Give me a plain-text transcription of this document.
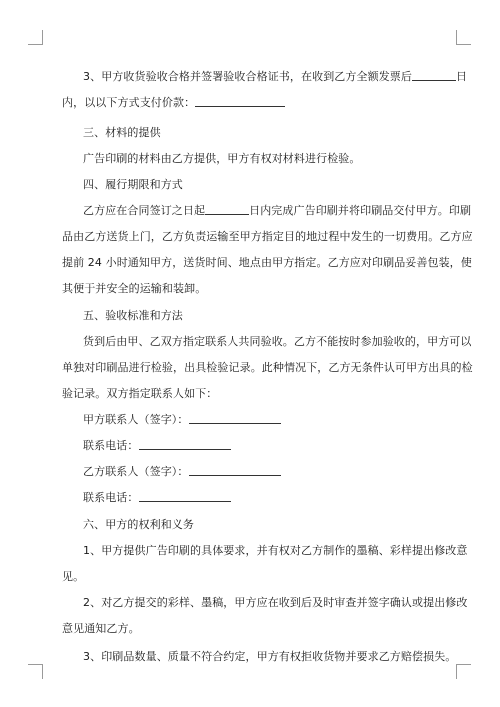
3、甲方收货验收合格并签署验收合格证书，在收到乙方全额发票后	日
内，以以下方式支付价款：
三、材料的提供
广告印刷的材料由乙方提供，甲方有权对材料进行检验。
四、履行期限和方式
乙方应在合同签订之日起	日内完成广告印刷并将印刷品交付甲方。印刷
品由乙方送货上门，乙方负责运输至甲方指定目的地过程中发生的一切费用。乙方应
提前 24 小时通知甲方，送货时间、地点由甲方指定。乙方应对印刷品妥善包装，使
其便于并安全的运输和装卸。
五、验收标准和方法
货到后由甲、乙双方指定联系人共同验收。乙方不能按时参加验收的，甲方可以
单独对印刷品进行检验，出具检验记录。此种情况下，乙方无条件认可甲方出具的检
验记录。双方指定联系人如下：
甲方联系人（签字）：
联系电话：
乙方联系人（签字）：
联系电话：
六、甲方的权利和义务
1、甲方提供广告印刷的具体要求，并有权对乙方制作的墨稿、彩样提出修改意
见。
2、对乙方提交的彩样、墨稿，甲方应在收到后及时审查并签字确认或提出修改
意见通知乙方。
3、印刷品数量、质量不符合约定，甲方有权拒收货物并要求乙方赔偿损失。
